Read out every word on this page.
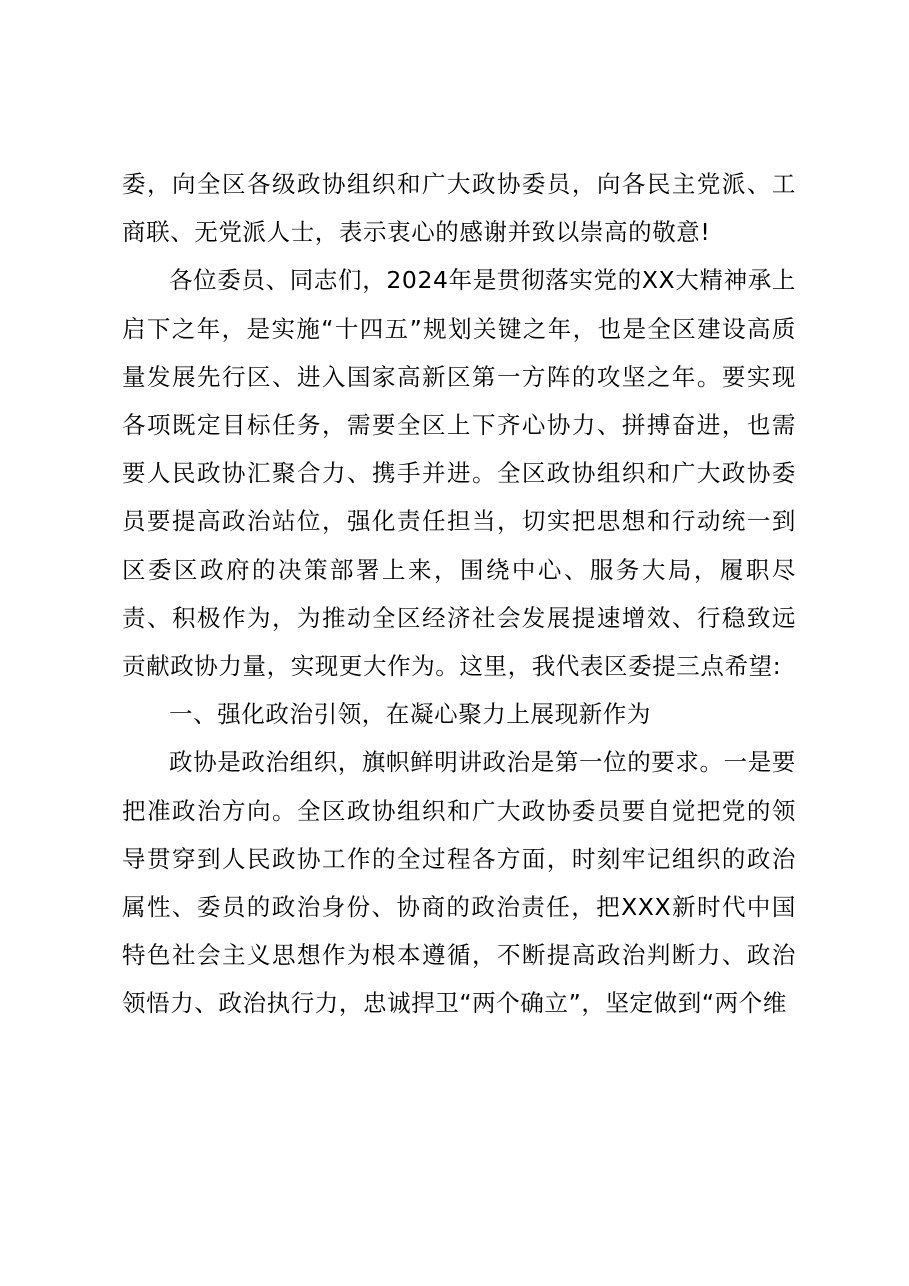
委，向全区各级政协组织和广大政协委员，向各民主党派、工商联、无党派人士，表示衷心的感谢并致以崇高的敬意!

各位委员、同志们，2024年是贯彻落实党的XX大精神承上启下之年，是实施“十四五”规划关键之年，也是全区建设高质量发展先行区、进入国家高新区第一方阵的攻坚之年。要实现各项既定目标任务，需要全区上下齐心协力、拼搏奋进，也需要人民政协汇聚合力、携手并进。全区政协组织和广大政协委员要提高政治站位，强化责任担当，切实把思想和行动统一到区委区政府的决策部署上来，围绕中心、服务大局，履职尽责、积极作为，为推动全区经济社会发展提速增效、行稳致远贡献政协力量，实现更大作为。这里，我代表区委提三点希望:

一、强化政治引领，在凝心聚力上展现新作为

政协是政治组织，旗帜鲜明讲政治是第一位的要求。一是要把准政治方向。全区政协组织和广大政协委员要自觉把党的领导贯穿到人民政协工作的全过程各方面，时刻牢记组织的政治属性、委员的政治身份、协商的政治责任，把XXX新时代中国特色社会主义思想作为根本遵循，不断提高政治判断力、政治领悟力、政治执行力，忠诚捍卫“两个确立”，坚定做到“两个维
